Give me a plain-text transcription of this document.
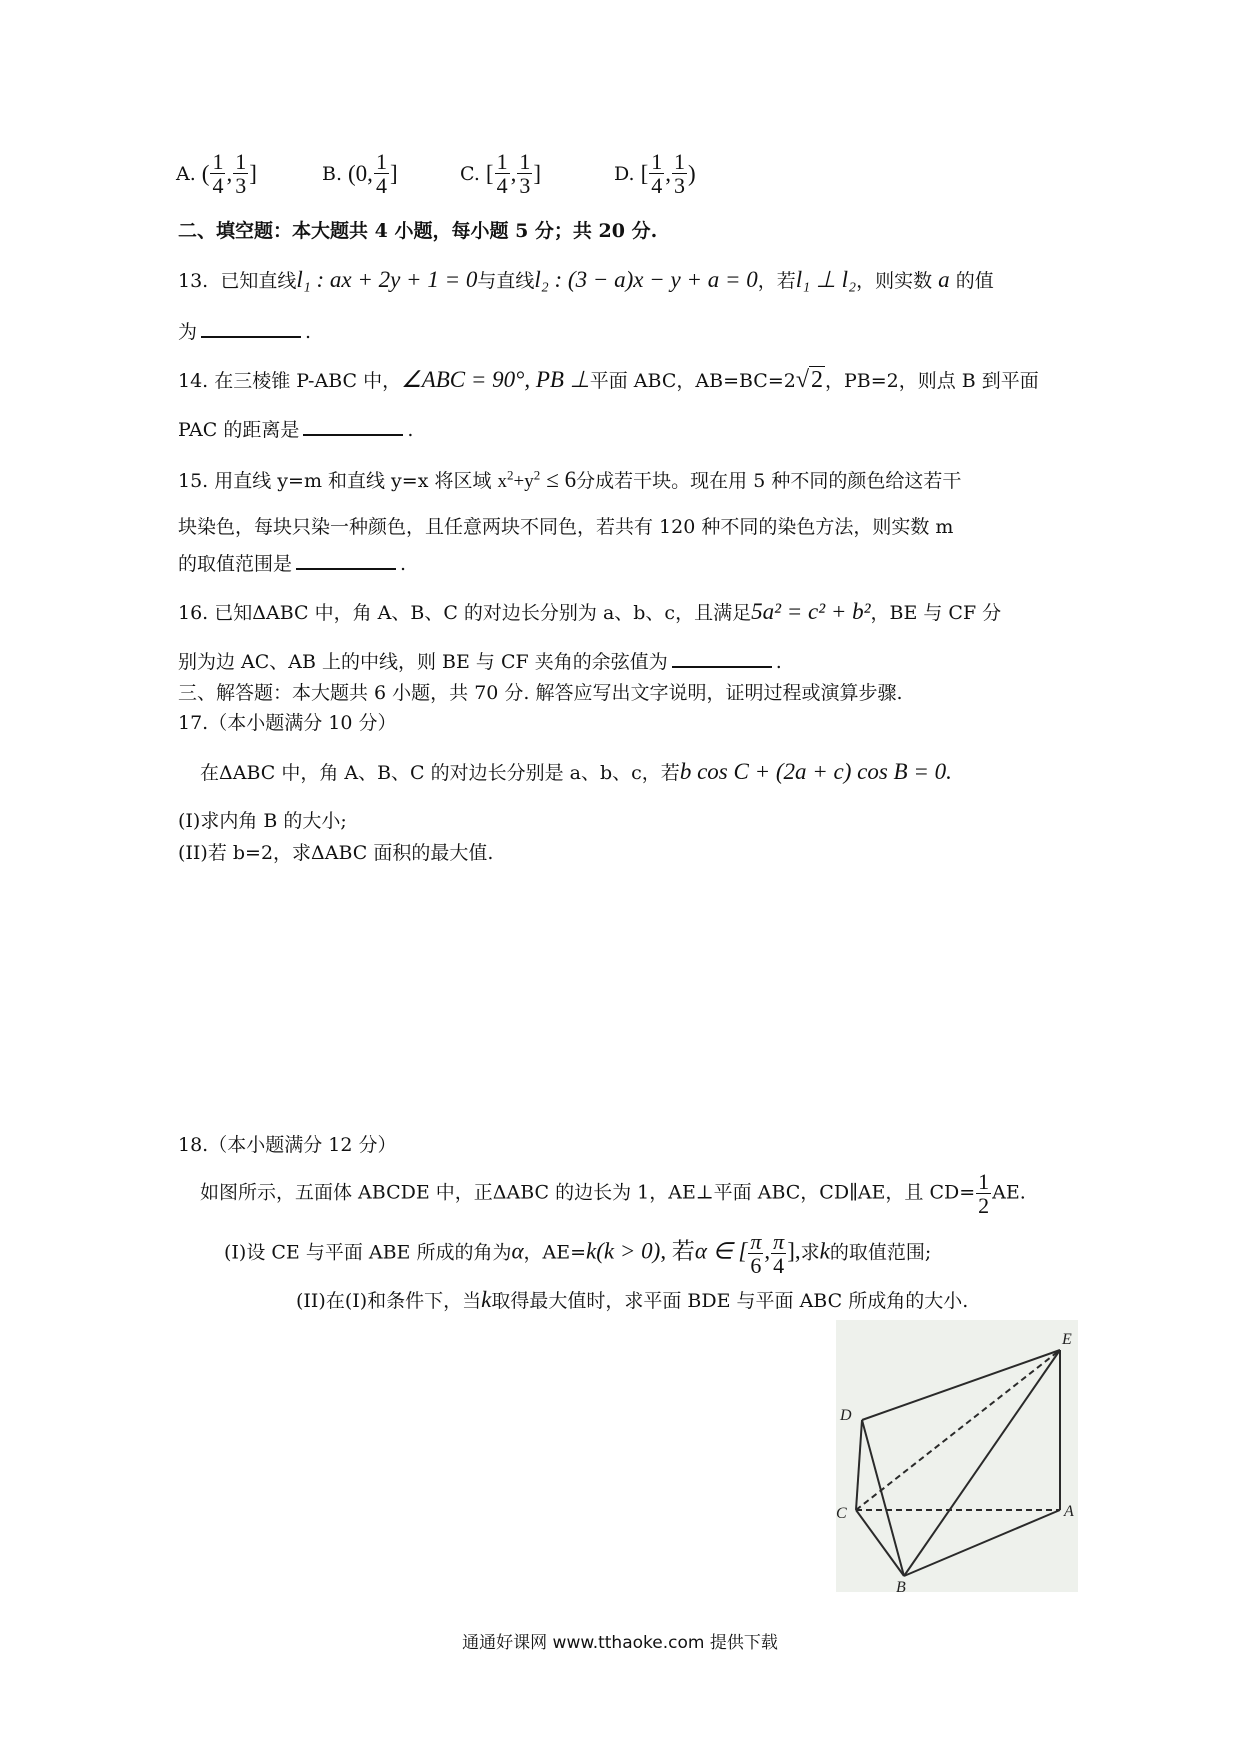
A. ( $\frac{1}{4}$ , $\frac{1}{3}$ ]	B. (0, $\frac{1}{4}$ ]	C. [ $\frac{1}{4}$ , $\frac{1}{3}$ ]	D. [ $\frac{1}{4}$ , $\frac{1}{3}$ )
二、填空题：本大题共 4 小题，每小题 5 分；共 20 分.
13. 已知直线l₁ : ax + 2y + 1 = 0与直线l₂ : (3 − a)x − y + a = 0，若l₁ ⊥ l₂，则实数 a 的值
为	.
14. 在三棱锥 P-ABC 中，∠ABC = 90°, PB ⊥平面 ABC，AB=BC=2√2 ，PB=2，则点 B 到平面
PAC 的距离是	.
15. 用直线 y=m 和直线 y=x 将区域 $x^2+y^2 \le 6$分成若干块。现在用 5 种不同的颜色给这若干
块染色，每块只染一种颜色，且任意两块不同色，若共有 120 种不同的染色方法，则实数 m
的取值范围是	.
16. 已知ΔABC 中，角 A、B、C 的对边长分别为 a、b、c，且满足5a² = c² + b²，BE 与 CF 分
别为边 AC、AB 上的中线，则 BE 与 CF 夹角的余弦值为	.
三、解答题：本大题共 6 小题，共 70 分. 解答应写出文字说明，证明过程或演算步骤.
17.（本小题满分 10 分）
在ΔABC 中，角 A、B、C 的对边长分别是 a、b、c，若b cos C + (2a + c) cos B = 0.
(I)求内角 B 的大小;
(II)若 b=2，求ΔABC 面积的最大值.
18.（本小题满分 12 分）
如图所示，五面体 ABCDE 中，正ΔABC 的边长为 1，AE⊥平面 ABC，CD∥AE，且 $CD= \frac{1}{2}$ AE.
(I)设 CE 与平面 ABE 所成的角为α，AE=k(k > 0), 若α ∈ [ $\frac{\pi}{6}$ , $\frac{\pi}{4}$ ],求k的取值范围;
(II)在(I)和条件下，当k取得最大值时，求平面 BDE 与平面 ABC 所成角的大小.
D
E
C	A
B
通通好课网 www.tthaoke.com 提供下载
